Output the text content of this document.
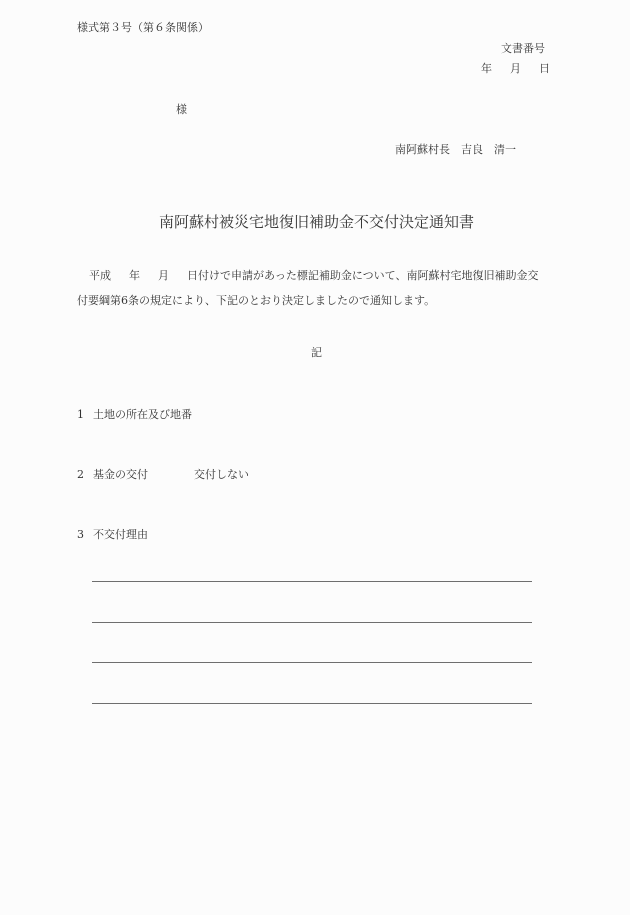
様式第３号（第６条関係）
文書番号
年 月 日
様
南阿蘇村長　吉良　清一
南阿蘇村被災宅地復旧補助金不交付決定通知書
平成 年 月 日付けで申請があった標記補助金について、南阿蘇村宅地復旧補助金交
付要綱第6条の規定により、下記のとおり決定しましたので通知します。
記
1 土地の所在及び地番
2 基金の交付	交付しない
3 不交付理由
